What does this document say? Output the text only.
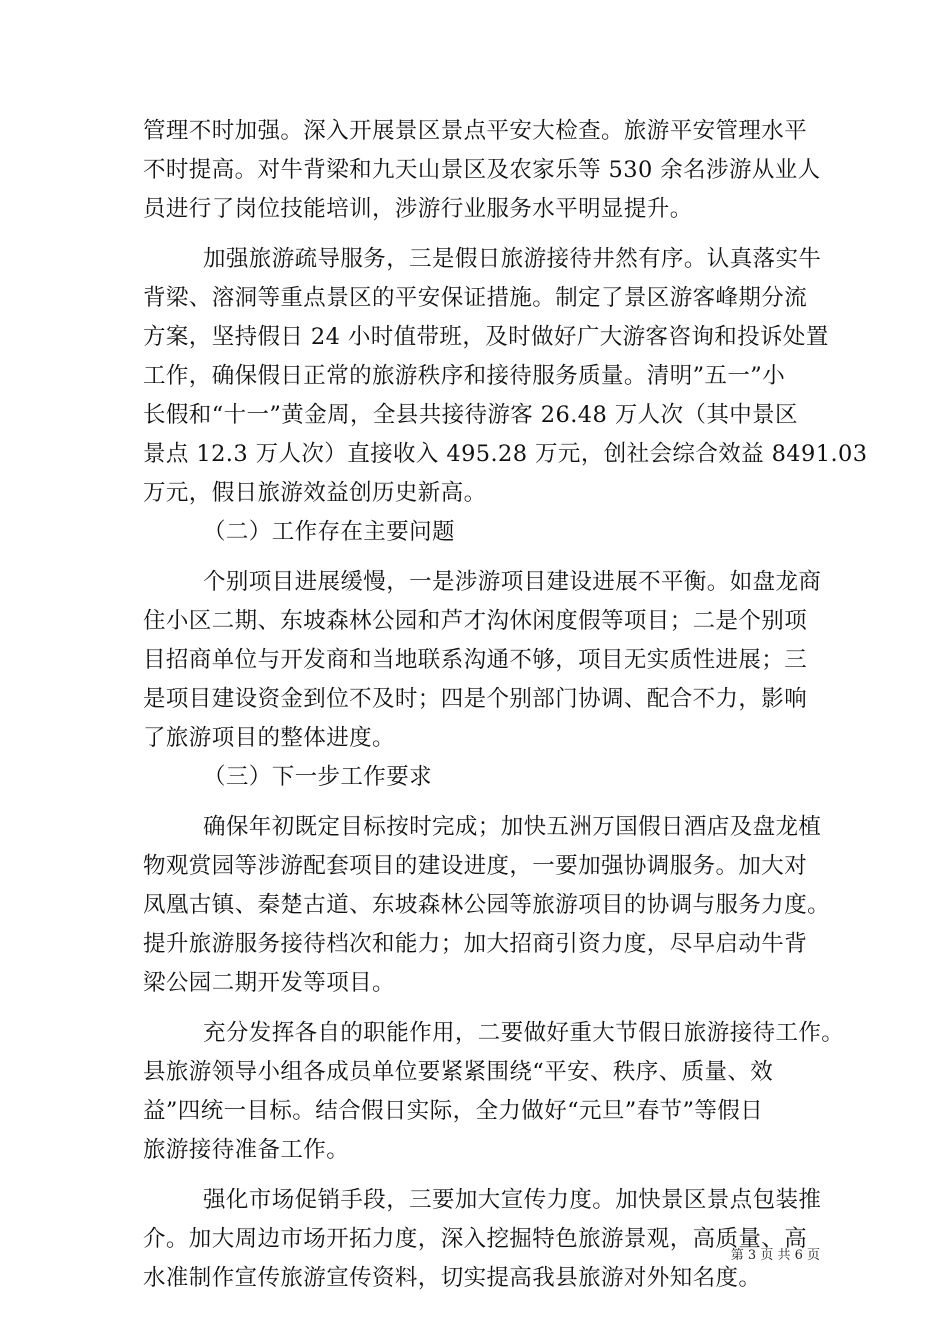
管理不时加强。深入开展景区景点平安大检查。旅游平安管理水平
不时提高。对牛背梁和九天山景区及农家乐等 530 余名涉游从业人
员进行了岗位技能培训，涉游行业服务水平明显提升。
加强旅游疏导服务，三是假日旅游接待井然有序。认真落实牛
背梁、溶洞等重点景区的平安保证措施。制定了景区游客峰期分流
方案，坚持假日 24 小时值带班，及时做好广大游客咨询和投诉处置
工作，确保假日正常的旅游秩序和接待服务质量。清明”五一”小
长假和“十一”黄金周，全县共接待游客 26.48 万人次（其中景区
景点 12.3 万人次）直接收入 495.28 万元，创社会综合效益 8491.03
万元，假日旅游效益创历史新高。
（二）工作存在主要问题
个别项目进展缓慢，一是涉游项目建设进展不平衡。如盘龙商
住小区二期、东坡森林公园和芦才沟休闲度假等项目；二是个别项
目招商单位与开发商和当地联系沟通不够，项目无实质性进展；三
是项目建设资金到位不及时；四是个别部门协调、配合不力，影响
了旅游项目的整体进度。
（三）下一步工作要求
确保年初既定目标按时完成；加快五洲万国假日酒店及盘龙植
物观赏园等涉游配套项目的建设进度，一要加强协调服务。加大对
凤凰古镇、秦楚古道、东坡森林公园等旅游项目的协调与服务力度。
提升旅游服务接待档次和能力；加大招商引资力度，尽早启动牛背
梁公园二期开发等项目。
充分发挥各自的职能作用，二要做好重大节假日旅游接待工作。
县旅游领导小组各成员单位要紧紧围绕“平安、秩序、质量、效
益”四统一目标。结合假日实际，全力做好“元旦”春节”等假日
旅游接待准备工作。
强化市场促销手段，三要加大宣传力度。加快景区景点包装推
介。加大周边市场开拓力度，深入挖掘特色旅游景观，高质量、高
水准制作宣传旅游宣传资料，切实提高我县旅游对外知名度。
第 3 页 共 6 页
